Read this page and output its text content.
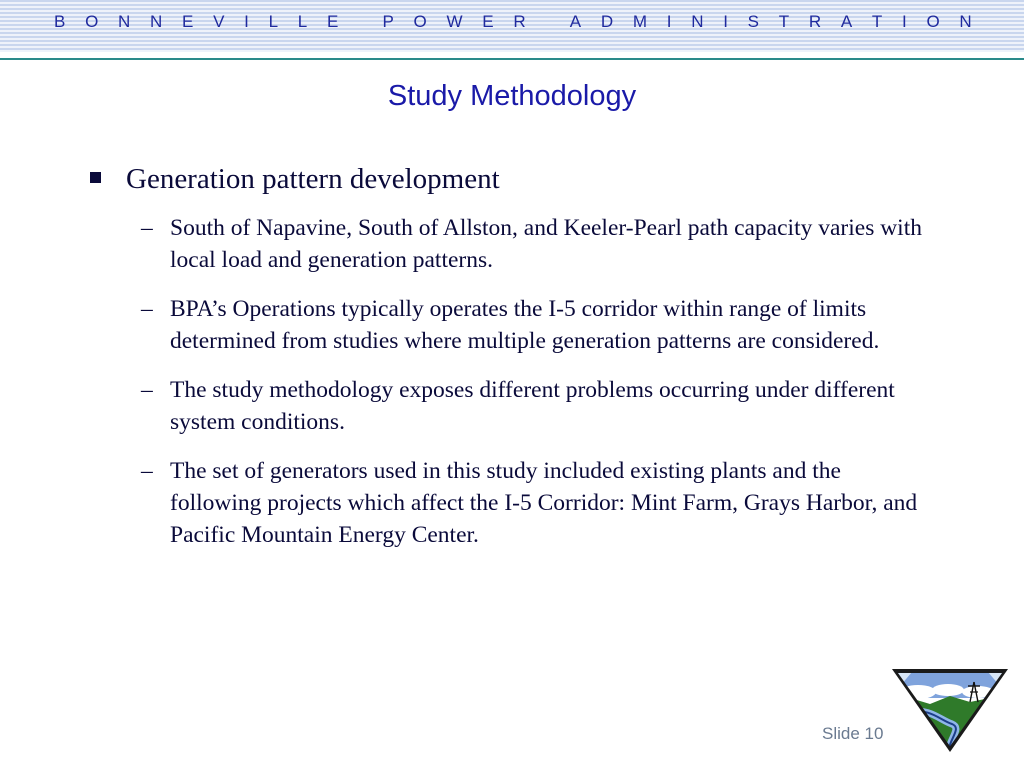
B O N N E V I L L E
	P O W E R
	A D M I N I S T R A T I O N
Study Methodology
Generation pattern development
– South of Napavine, South of Allston, and Keeler-Pearl path capacity varies with local load and generation patterns.
– BPA’s Operations typically operates the I-5 corridor within range of limits determined from studies where multiple generation patterns are considered.
– The study methodology exposes different problems occurring under different system conditions.
– The set of generators used in this study included existing plants and the following projects which affect the I-5 Corridor: Mint Farm, Grays Harbor, and Pacific Mountain Energy Center.
Slide 10
